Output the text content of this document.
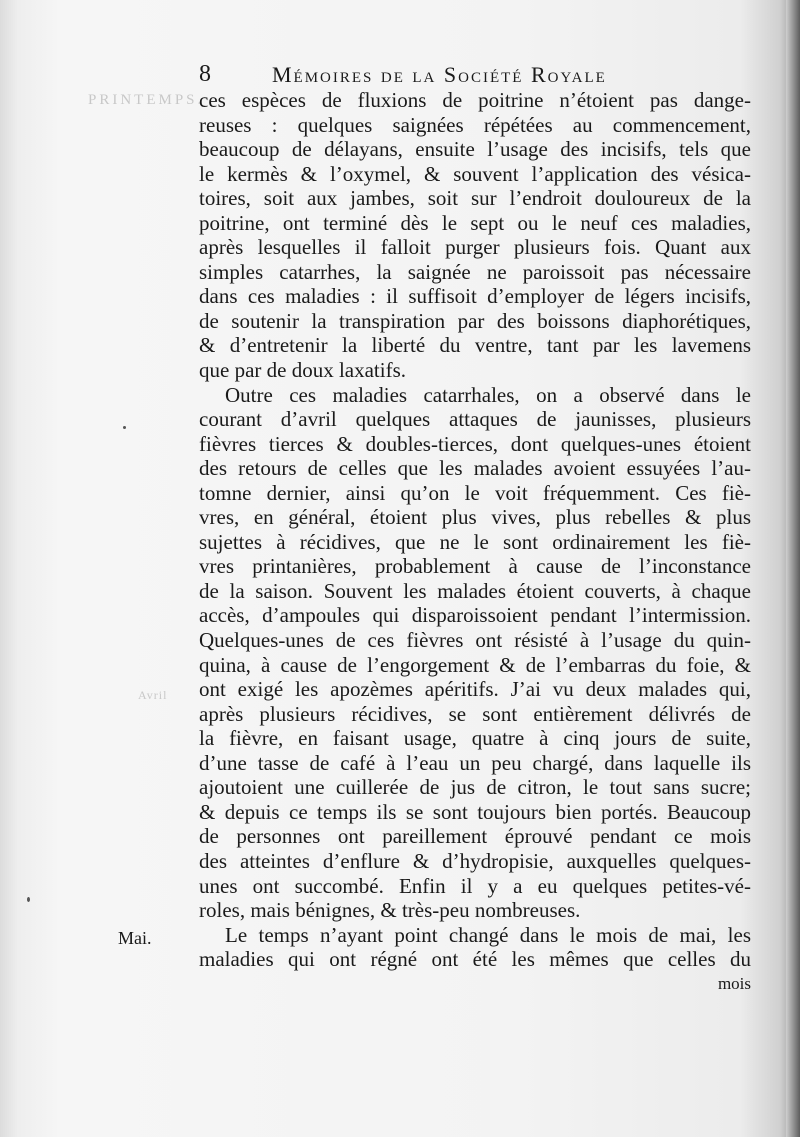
PRINTEMPS.
Avril
8	Mémoires de la Société Royale
ces espèces de fluxions de poitrine n’étoient pas dange-
reuses : quelques saignées répétées au commencement,
beaucoup de délayans, ensuite l’usage des incisifs, tels que
le kermès & l’oxymel, & souvent l’application des vésica-
toires, soit aux jambes, soit sur l’endroit douloureux de la
poitrine, ont terminé dès le sept ou le neuf ces maladies,
après lesquelles il falloit purger plusieurs fois. Quant aux
simples catarrhes, la saignée ne paroissoit pas nécessaire
dans ces maladies : il suffisoit d’employer de légers incisifs,
de soutenir la transpiration par des boissons diaphorétiques,
& d’entretenir la liberté du ventre, tant par les lavemens
que par de doux laxatifs.
Outre ces maladies catarrhales, on a observé dans le
courant d’avril quelques attaques de jaunisses, plusieurs
fièvres tierces & doubles-tierces, dont quelques-unes étoient
des retours de celles que les malades avoient essuyées l’au-
tomne dernier, ainsi qu’on le voit fréquemment. Ces fiè-
vres, en général, étoient plus vives, plus rebelles & plus
sujettes à récidives, que ne le sont ordinairement les fiè-
vres printanières, probablement à cause de l’inconstance
de la saison. Souvent les malades étoient couverts, à chaque
accès, d’ampoules qui disparoissoient pendant l’intermission.
Quelques-unes de ces fièvres ont résisté à l’usage du quin-
quina, à cause de l’engorgement & de l’embarras du foie, &
ont exigé les apozèmes apéritifs. J’ai vu deux malades qui,
après plusieurs récidives, se sont entièrement délivrés de
la fièvre, en faisant usage, quatre à cinq jours de suite,
d’une tasse de café à l’eau un peu chargé, dans laquelle ils
ajoutoient une cuillerée de jus de citron, le tout sans sucre;
& depuis ce temps ils se sont toujours bien portés. Beaucoup
de personnes ont pareillement éprouvé pendant ce mois
des atteintes d’enflure & d’hydropisie, auxquelles quelques-
unes ont succombé. Enfin il y a eu quelques petites-vé-
roles, mais bénignes, & très-peu nombreuses.
Le temps n’ayant point changé dans le mois de mai, les
maladies qui ont régné ont été les mêmes que celles du
mois
Mai.
